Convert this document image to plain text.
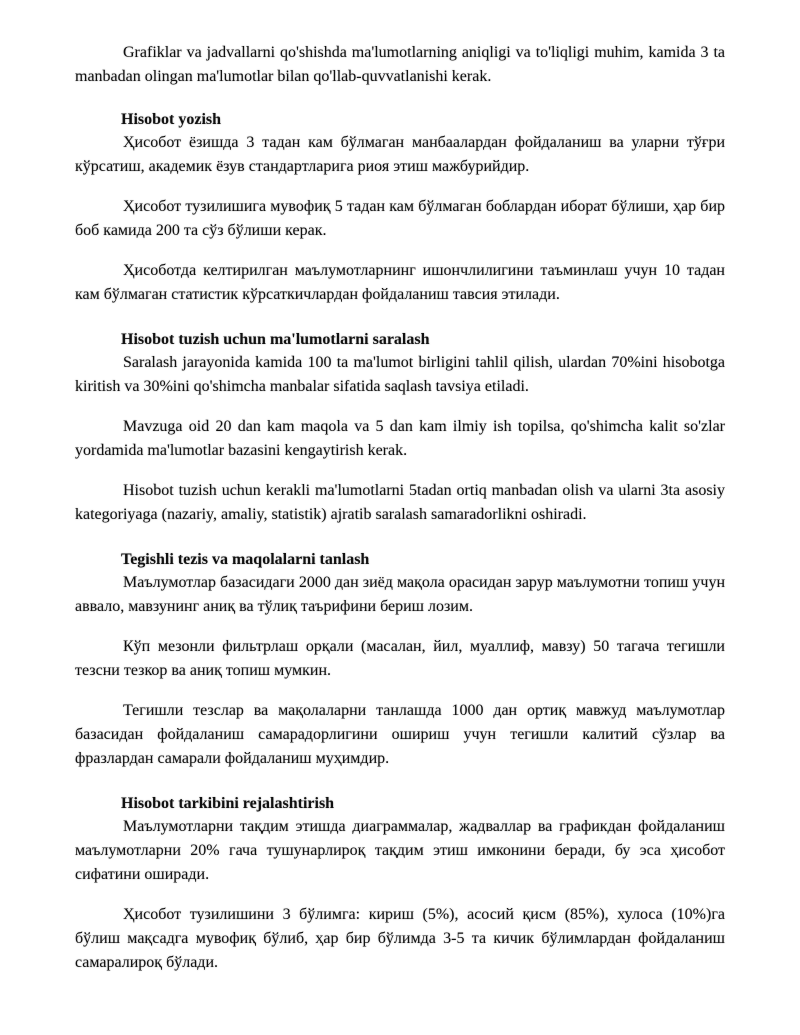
Grafiklar va jadvallarni qo'shishda ma'lumotlarning aniqligi va to'liqligi muhim, kamida 3 ta manbadan olingan ma'lumotlar bilan qo'llab-quvvatlanishi kerak.

Hisobot yozish

Ҳисобот ёзишда 3 тадан кам бўлмаган манбаалардан фойдаланиш ва уларни тўғри кўрсатиш, академик ёзув стандартларига риоя этиш мажбурийдир.

Ҳисобот тузилишига мувофиқ 5 тадан кам бўлмаган боблардан иборат бўлиши, ҳар бир боб камида 200 та сўз бўлиши керак.

Ҳисоботда келтирилган маълумотларнинг ишончлилигини таъминлаш учун 10 тадан кам бўлмаган статистик кўрсаткичлардан фойдаланиш тавсия этилади.

Hisobot tuzish uchun ma'lumotlarni saralash

Saralash jarayonida kamida 100 ta ma'lumot birligini tahlil qilish, ulardan 70%ini hisobotga kiritish va 30%ini qo'shimcha manbalar sifatida saqlash tavsiya etiladi.

Mavzuga oid 20 dan kam maqola va 5 dan kam ilmiy ish topilsa, qo'shimcha kalit so'zlar yordamida ma'lumotlar bazasini kengaytirish kerak.

Hisobot tuzish uchun kerakli ma'lumotlarni 5tadan ortiq manbadan olish va ularni 3ta asosiy kategoriyaga (nazariy, amaliy, statistik) ajratib saralash samaradorlikni oshiradi.

Tegishli tezis va maqolalarni tanlash

Маълумотлар базасидаги 2000 дан зиёд мақола орасидан зарур маълумотни топиш учун аввало, мавзунинг аниқ ва тўлиқ таърифини бериш лозим.

Кўп мезонли фильтрлаш орқали (масалан, йил, муаллиф, мавзу) 50 тагача тегишли тезсни тезкор ва аниқ топиш мумкин.

Тегишли тезслар ва мақолаларни танлашда 1000 дан ортиқ мавжуд маълумотлар базасидан фойдаланиш самарадорлигини ошириш учун тегишли калитий сўзлар ва фразлардан самарали фойдаланиш муҳимдир.

Hisobot tarkibini rejalashtirish

Маълумотларни тақдим этишда диаграммалар, жадваллар ва графикдан фойдаланиш маълумотларни 20% гача тушунарлироқ тақдим этиш имконини беради, бу эса ҳисобот сифатини оширади.

Ҳисобот тузилишини 3 бўлимга: кириш (5%), асосий қисм (85%), хулоса (10%)га бўлиш мақсадга мувофиқ бўлиб, ҳар бир бўлимда 3-5 та кичик бўлимлардан фойдаланиш самаралироқ бўлади.
